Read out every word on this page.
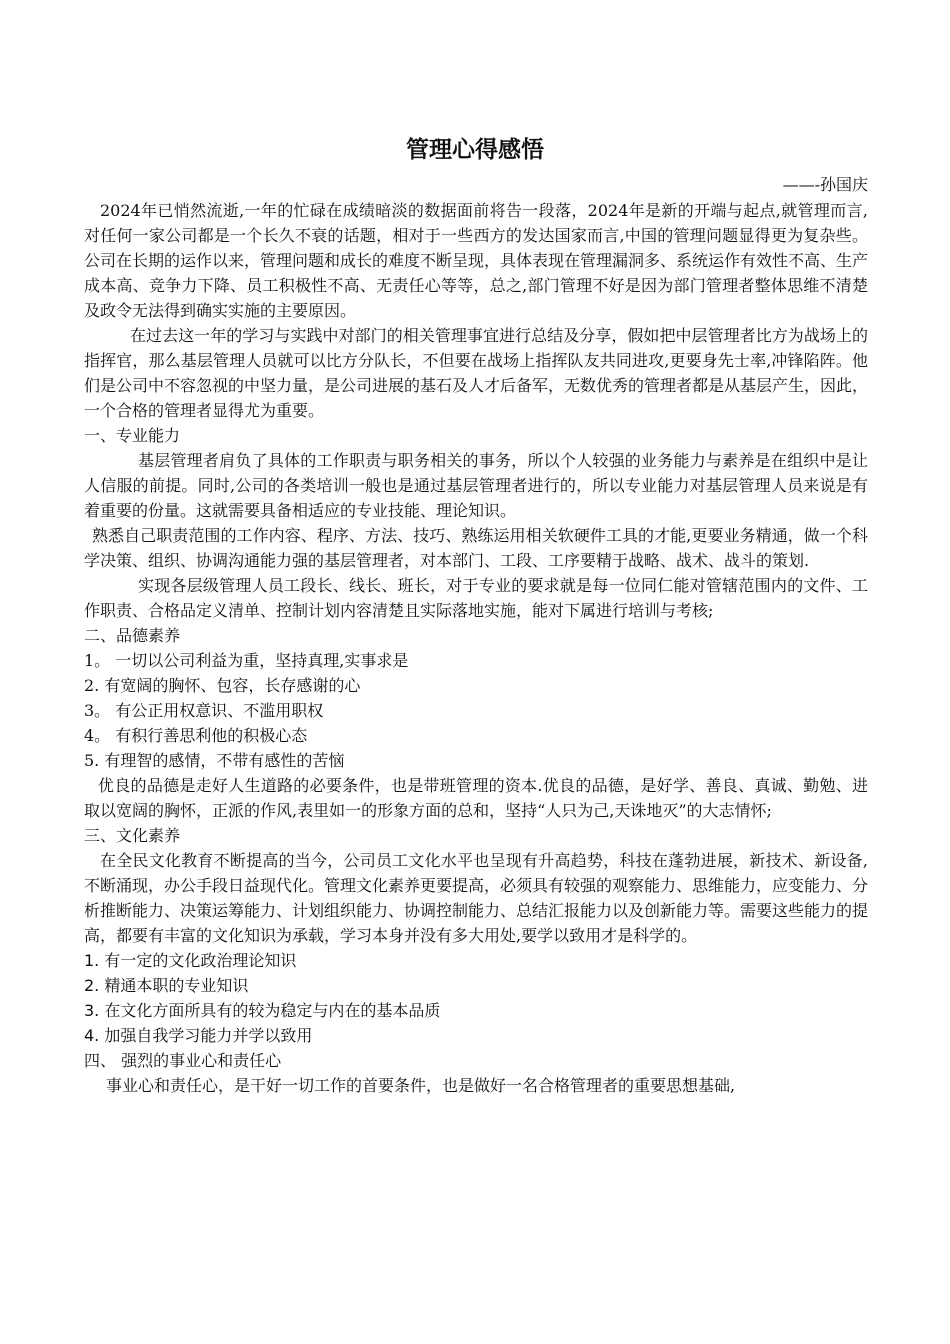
管理心得感悟
——-孙国庆

2024年已悄然流逝,一年的忙碌在成绩暗淡的数据面前将告一段落，2024年是新的开端与起点,就管理而言,对任何一家公司都是一个长久不衰的话题，相对于一些西方的发达国家而言,中国的管理问题显得更为复杂些。公司在长期的运作以来，管理问题和成长的难度不断呈现，具体表现在管理漏洞多、系统运作有效性不高、生产成本高、竞争力下降、员工积极性不高、无责任心等等，总之,部门管理不好是因为部门管理者整体思维不清楚及政令无法得到确实实施的主要原因。

在过去这一年的学习与实践中对部门的相关管理事宜进行总结及分享，假如把中层管理者比方为战场上的指挥官，那么基层管理人员就可以比方分队长，不但要在战场上指挥队友共同进攻,更要身先士率,冲锋陷阵。他们是公司中不容忽视的中坚力量，是公司进展的基石及人才后备军，无数优秀的管理者都是从基层产生，因此，一个合格的管理者显得尤为重要。

一、专业能力

基层管理者肩负了具体的工作职责与职务相关的事务，所以个人较强的业务能力与素养是在组织中是让人信服的前提。同时,公司的各类培训一般也是通过基层管理者进行的，所以专业能力对基层管理人员来说是有着重要的份量。这就需要具备相适应的专业技能、理论知识。

熟悉自己职责范围的工作内容、程序、方法、技巧、熟练运用相关软硬件工具的才能,更要业务精通，做一个科学决策、组织、协调沟通能力强的基层管理者，对本部门、工段、工序要精于战略、战术、战斗的策划.

实现各层级管理人员工段长、线长、班长，对于专业的要求就是每一位同仁能对管辖范围内的文件、工作职责、合格品定义清单、控制计划内容清楚且实际落地实施，能对下属进行培训与考核;

二、品德素养
1。 一切以公司利益为重，坚持真理,实事求是
2. 有宽阔的胸怀、包容，长存感谢的心
3。 有公正用权意识、不滥用职权
4。 有积行善思利他的积极心态
5. 有理智的感情，不带有感性的苦恼

优良的品德是走好人生道路的必要条件，也是带班管理的资本.优良的品德，是好学、善良、真诚、勤勉、进取以宽阔的胸怀，正派的作风,表里如一的形象方面的总和，坚持“人只为己,天诛地灭”的大志情怀;

三、文化素养

在全民文化教育不断提高的当今，公司员工文化水平也呈现有升高趋势，科技在蓬勃进展，新技术、新设备,不断涌现，办公手段日益现代化。管理文化素养更要提高，必须具有较强的观察能力、思维能力，应变能力、分析推断能力、决策运筹能力、计划组织能力、协调控制能力、总结汇报能力以及创新能力等。需要这些能力的提高，都要有丰富的文化知识为承载，学习本身并没有多大用处,要学以致用才是科学的。

1. 有一定的文化政治理论知识
2. 精通本职的专业知识
3. 在文化方面所具有的较为稳定与内在的基本品质
4. 加强自我学习能力并学以致用
四、 强烈的事业心和责任心

事业心和责任心，是干好一切工作的首要条件，也是做好一名合格管理者的重要思想基础,
